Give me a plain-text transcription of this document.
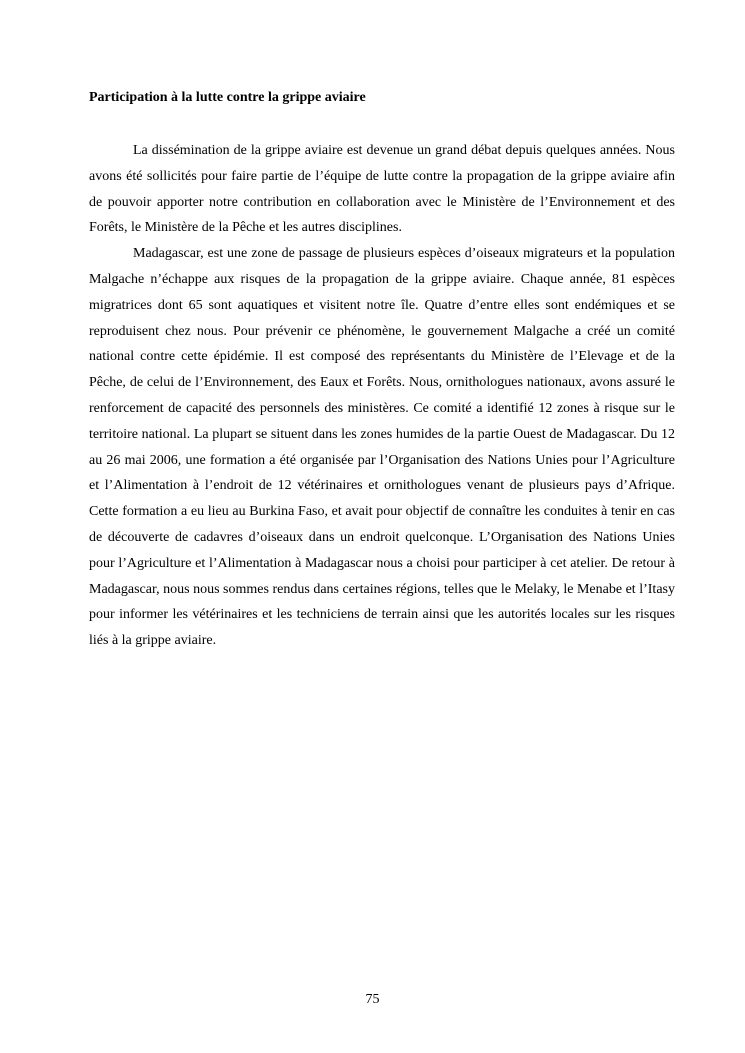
Participation à la lutte contre la grippe aviaire

La dissémination de la grippe aviaire est devenue un grand débat depuis quelques années. Nous avons été sollicités pour faire partie de l’équipe de lutte contre la propagation de la grippe aviaire afin de pouvoir apporter notre contribution en collaboration avec le Ministère de l’Environnement et des Forêts, le Ministère de la Pêche et les autres disciplines.

Madagascar, est une zone de passage de plusieurs espèces d’oiseaux migrateurs et la population Malgache n’échappe aux risques de la propagation de la grippe aviaire. Chaque année, 81 espèces migratrices dont 65 sont aquatiques et visitent notre île. Quatre d’entre elles sont endémiques et se reproduisent chez nous. Pour prévenir ce phénomène, le gouvernement Malgache a créé un comité national contre cette épidémie. Il est composé des représentants du Ministère de l’Elevage et de la Pêche, de celui de l’Environnement, des Eaux et Forêts. Nous, ornithologues nationaux, avons assuré le renforcement de capacité des personnels des ministères. Ce comité a identifié 12 zones à risque sur le territoire national. La plupart se situent dans les zones humides de la partie Ouest de Madagascar. Du 12 au 26 mai 2006, une formation a été organisée par l’Organisation des Nations Unies pour l’Agriculture et l’Alimentation à l’endroit de 12 vétérinaires et ornithologues venant de plusieurs pays d’Afrique. Cette formation a eu lieu au Burkina Faso, et avait pour objectif de connaître les conduites à tenir en cas de découverte de cadavres d’oiseaux dans un endroit quelconque. L’Organisation des Nations Unies pour l’Agriculture et l’Alimentation à Madagascar nous a choisi pour participer à cet atelier. De retour à Madagascar, nous nous sommes rendus dans certaines régions, telles que le Melaky, le Menabe et l’Itasy pour informer les vétérinaires et les techniciens de terrain ainsi que les autorités locales sur les risques liés à la grippe aviaire.

75
